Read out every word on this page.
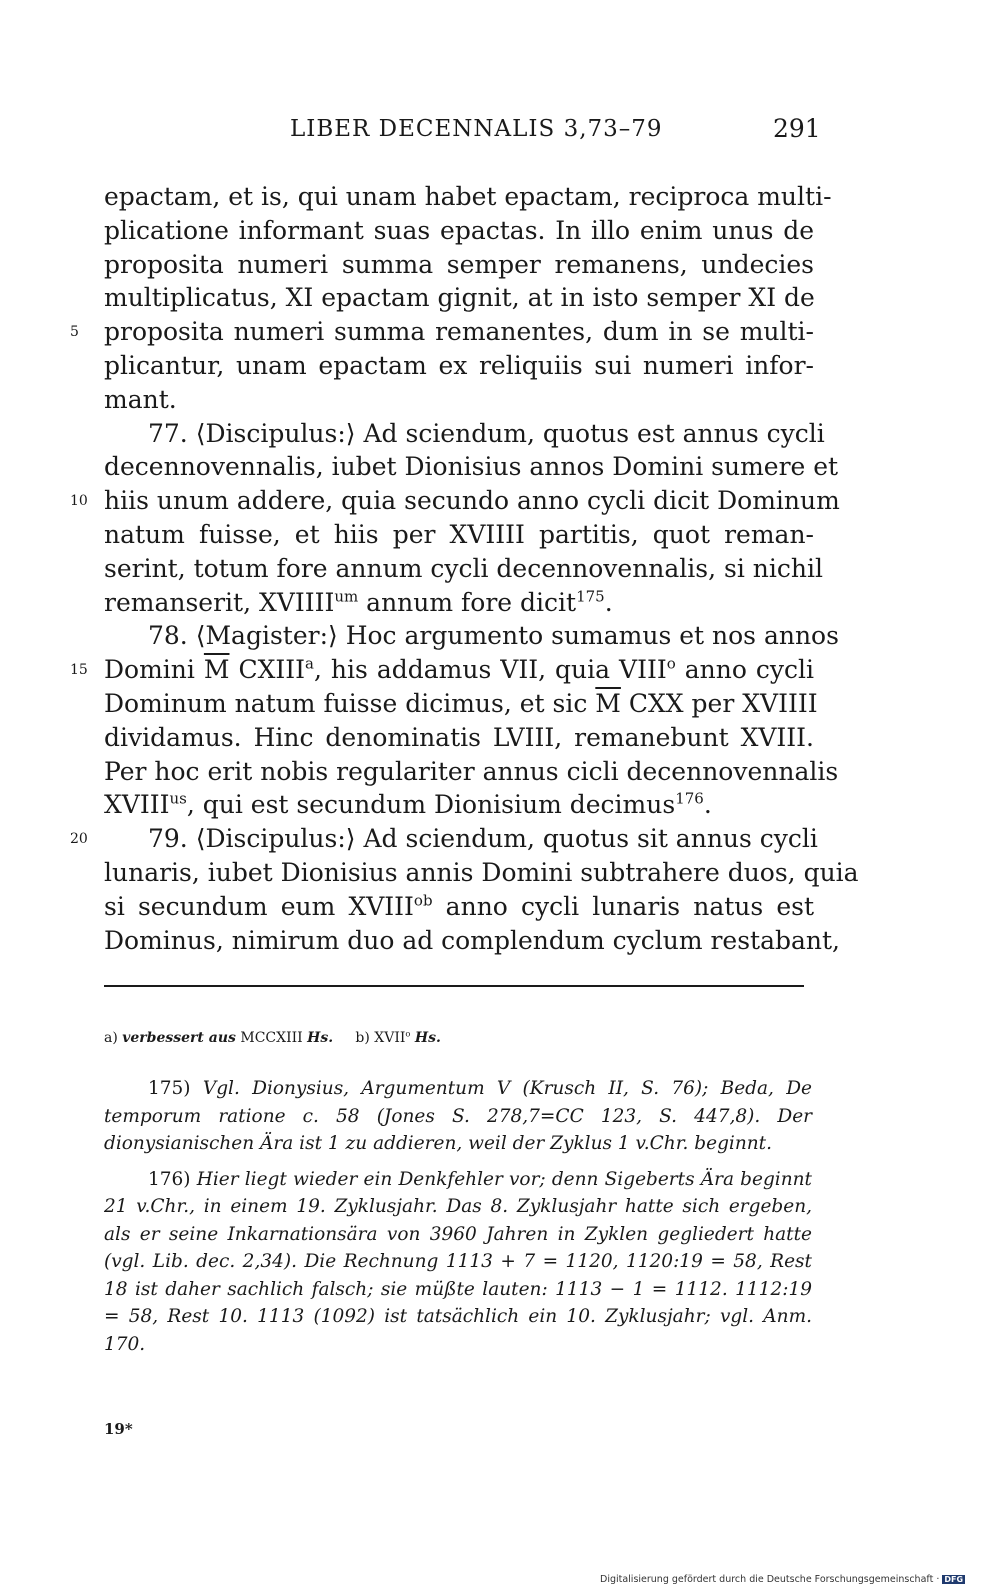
LIBER DECENNALIS 3,73–79	291
epactam, et is, qui unam habet epactam, reciproca multi-
plicatione informant suas epactas. In illo enim unus de
proposita numeri summa semper remanens, undecies
multiplicatus, XI epactam gignit, at in isto semper XI de
5	proposita numeri summa remanentes, dum in se multi-
plicantur, unam epactam ex reliquiis sui numeri infor-
mant.
77. ⟨Discipulus:⟩ Ad sciendum, quotus est annus cycli
decennovennalis, iubet Dionisius annos Domini sumere et
10 hiis unum addere, quia secundo anno cycli dicit Dominum
natum fuisse, et hiis per XVIIII partitis, quot reman-
serint, totum fore annum cycli decennovennalis, si nichil
remanserit, $XVIIII^{um}$ annum fore dicit$^{175}$.
78. ⟨Magister:⟩ Hoc argumento sumamus et nos annos
15 Domini $\overline{M}$ CXIII$^a$, his addamus VII, quia VIII$^o$ anno cycli
Dominum natum fuisse dicimus, et sic $\overline{M}$ CXX per XVIIII
dividamus. Hinc denominatis LVIII, remanebunt XVIII.
Per hoc erit nobis regulariter annus cicli decennovennalis
$XVIII^{us}$, qui est secundum Dionisium decimus$^{176}$.
20	79. ⟨Discipulus:⟩ Ad sciendum, quotus sit annus cycli
lunaris, iubet Dionisius annis Domini subtrahere duos, quia
si secundum eum $XVIII^{ob}$ anno cycli lunaris natus est
Dominus, nimirum duo ad complendum cyclum restabant,
a) verbessert aus MCCXIII Hs. b) XVII$^o$ Hs.
175) Vgl. Dionysius, Argumentum V (Krusch II, S. 76); Beda, De temporum ratione c. 58 (Jones S. 278,7=CC 123, S. 447,8). Der dionysianischen Ära ist 1 zu addieren, weil der Zyklus 1 v.Chr. beginnt.
176) Hier liegt wieder ein Denkfehler vor; denn Sigeberts Ära beginnt 21 v.Chr., in einem 19. Zyklusjahr. Das 8. Zyklusjahr hatte sich ergeben, als er seine Inkarnationsära von 3960 Jahren in Zyklen gegliedert hatte (vgl. Lib. dec. 2,34). Die Rechnung 1113 + 7 = 1120, 1120:19 = 58, Rest 18 ist daher sachlich falsch; sie müßte lauten: 1113 − 1 = 1112. 1112:19 = 58, Rest 10. 1113 (1092) ist tatsächlich ein 10. Zyklusjahr; vgl. Anm. 170.
19*
Digitalisierung gefördert durch die Deutsche Forschungsgemeinschaft · DFG
